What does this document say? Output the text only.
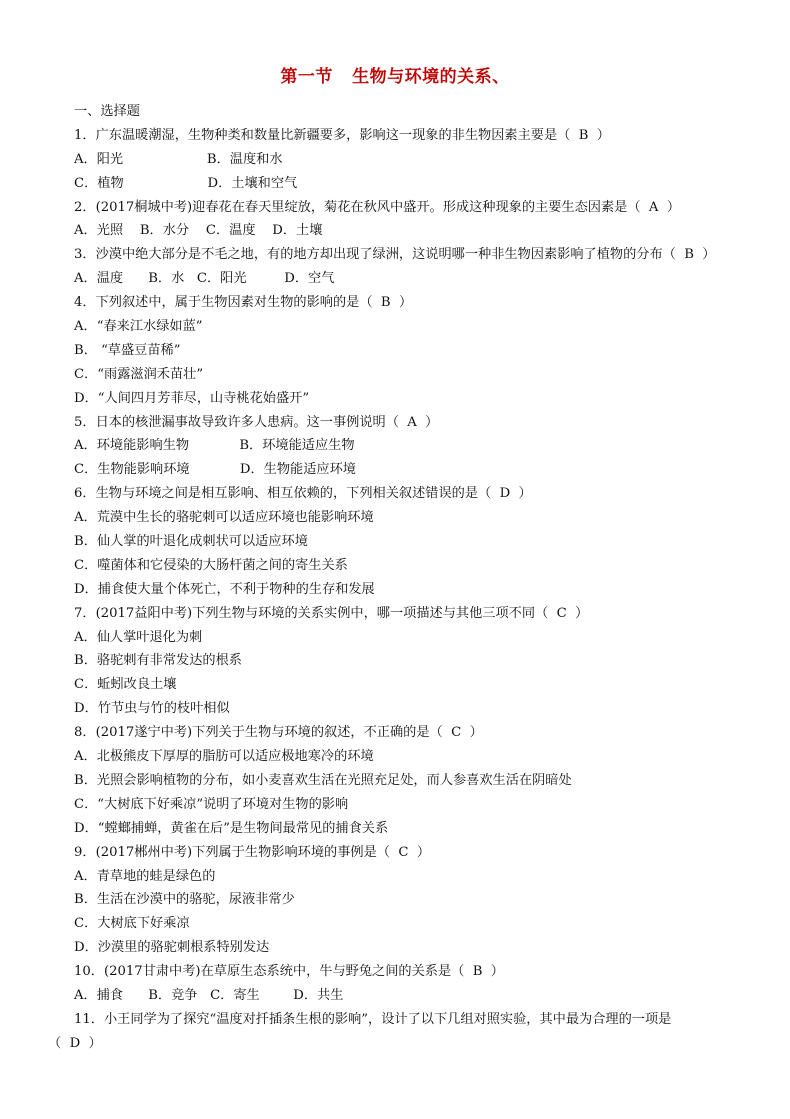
第一节   生物与环境的关系、
一、选择题
1．广东温暖潮湿，生物种类和数量比新疆要多，影响这一现象的非生物因素主要是（  B  ）
A．阳光                    B．温度和水
C．植物                    D．土壤和空气
2．(2017桐城中考)迎春花在春天里绽放，菊花在秋风中盛开。形成这种现象的主要生态因素是（  A  ）
A．光照    B．水分    C．温度    D．土壤
3．沙漠中绝大部分是不毛之地，有的地方却出现了绿洲，这说明哪一种非生物因素影响了植物的分布（  B  ）
A．温度      B．水   C．阳光         D．空气
4．下列叙述中，属于生物因素对生物的影响的是（  B  ）
A．“春来江水绿如蓝”
B． “草盛豆苗稀”
C．“雨露滋润禾苗壮”
D．“人间四月芳菲尽，山寺桃花始盛开”
5．日本的核泄漏事故导致许多人患病。这一事例说明（  A  ）
A．环境能影响生物            B．环境能适应生物
C．生物能影响环境            D．生物能适应环境
6．生物与环境之间是相互影响、相互依赖的，下列相关叙述错误的是（  D  ）
A．荒漠中生长的骆驼刺可以适应环境也能影响环境
B．仙人掌的叶退化成刺状可以适应环境
C．噬菌体和它侵染的大肠杆菌之间的寄生关系
D．捕食使大量个体死亡，不利于物种的生存和发展
7．(2017益阳中考)下列生物与环境的关系实例中，哪一项描述与其他三项不同（  C  ）
A．仙人掌叶退化为刺
B．骆驼刺有非常发达的根系
C．蚯蚓改良土壤
D．竹节虫与竹的枝叶相似
8．(2017遂宁中考)下列关于生物与环境的叙述，不正确的是（  C  ）
A．北极熊皮下厚厚的脂肪可以适应极地寒冷的环境
B．光照会影响植物的分布，如小麦喜欢生活在光照充足处，而人参喜欢生活在阴暗处
C．“大树底下好乘凉”说明了环境对生物的影响
D．“螳螂捕蝉，黄雀在后”是生物间最常见的捕食关系
9．(2017郴州中考)下列属于生物影响环境的事例是（  C  ）
A．青草地的蛙是绿色的
B．生活在沙漠中的骆驼，尿液非常少
C．大树底下好乘凉
D．沙漠里的骆驼刺根系特别发达
10．(2017甘肃中考)在草原生态系统中，牛与野兔之间的关系是（  B  ）
A．捕食      B．竞争   C．寄生        D．共生
11．小王同学为了探究“温度对扦插条生根的影响”，设计了以下几组对照实验，其中最为合理的一项是
（  D  ）
